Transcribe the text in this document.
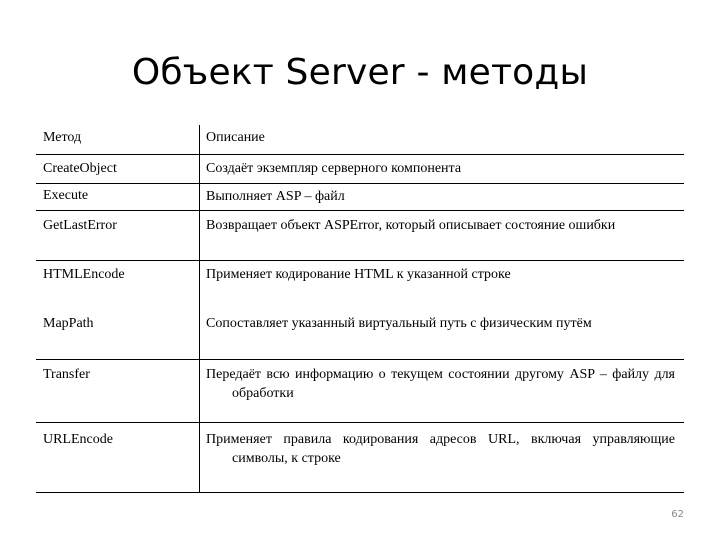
Объект Server - методы
Метод	Описание
CreateObject	Создаёт экземпляр серверного компонента
Execute	Выполняет ASP – файл
GetLastError	Возвращает объект ASPError, который описывает состояние ошибки
HTMLEncode	Применяет кодирование HTML к указанной строке
MapPath	Сопоставляет указанный виртуальный путь с физическим путём
Transfer	Передаёт всю информацию о текущем состоянии другому ASP – файлу для обработки
URLEncode	Применяет правила кодирования адресов URL, включая управляющие символы, к строке
62
